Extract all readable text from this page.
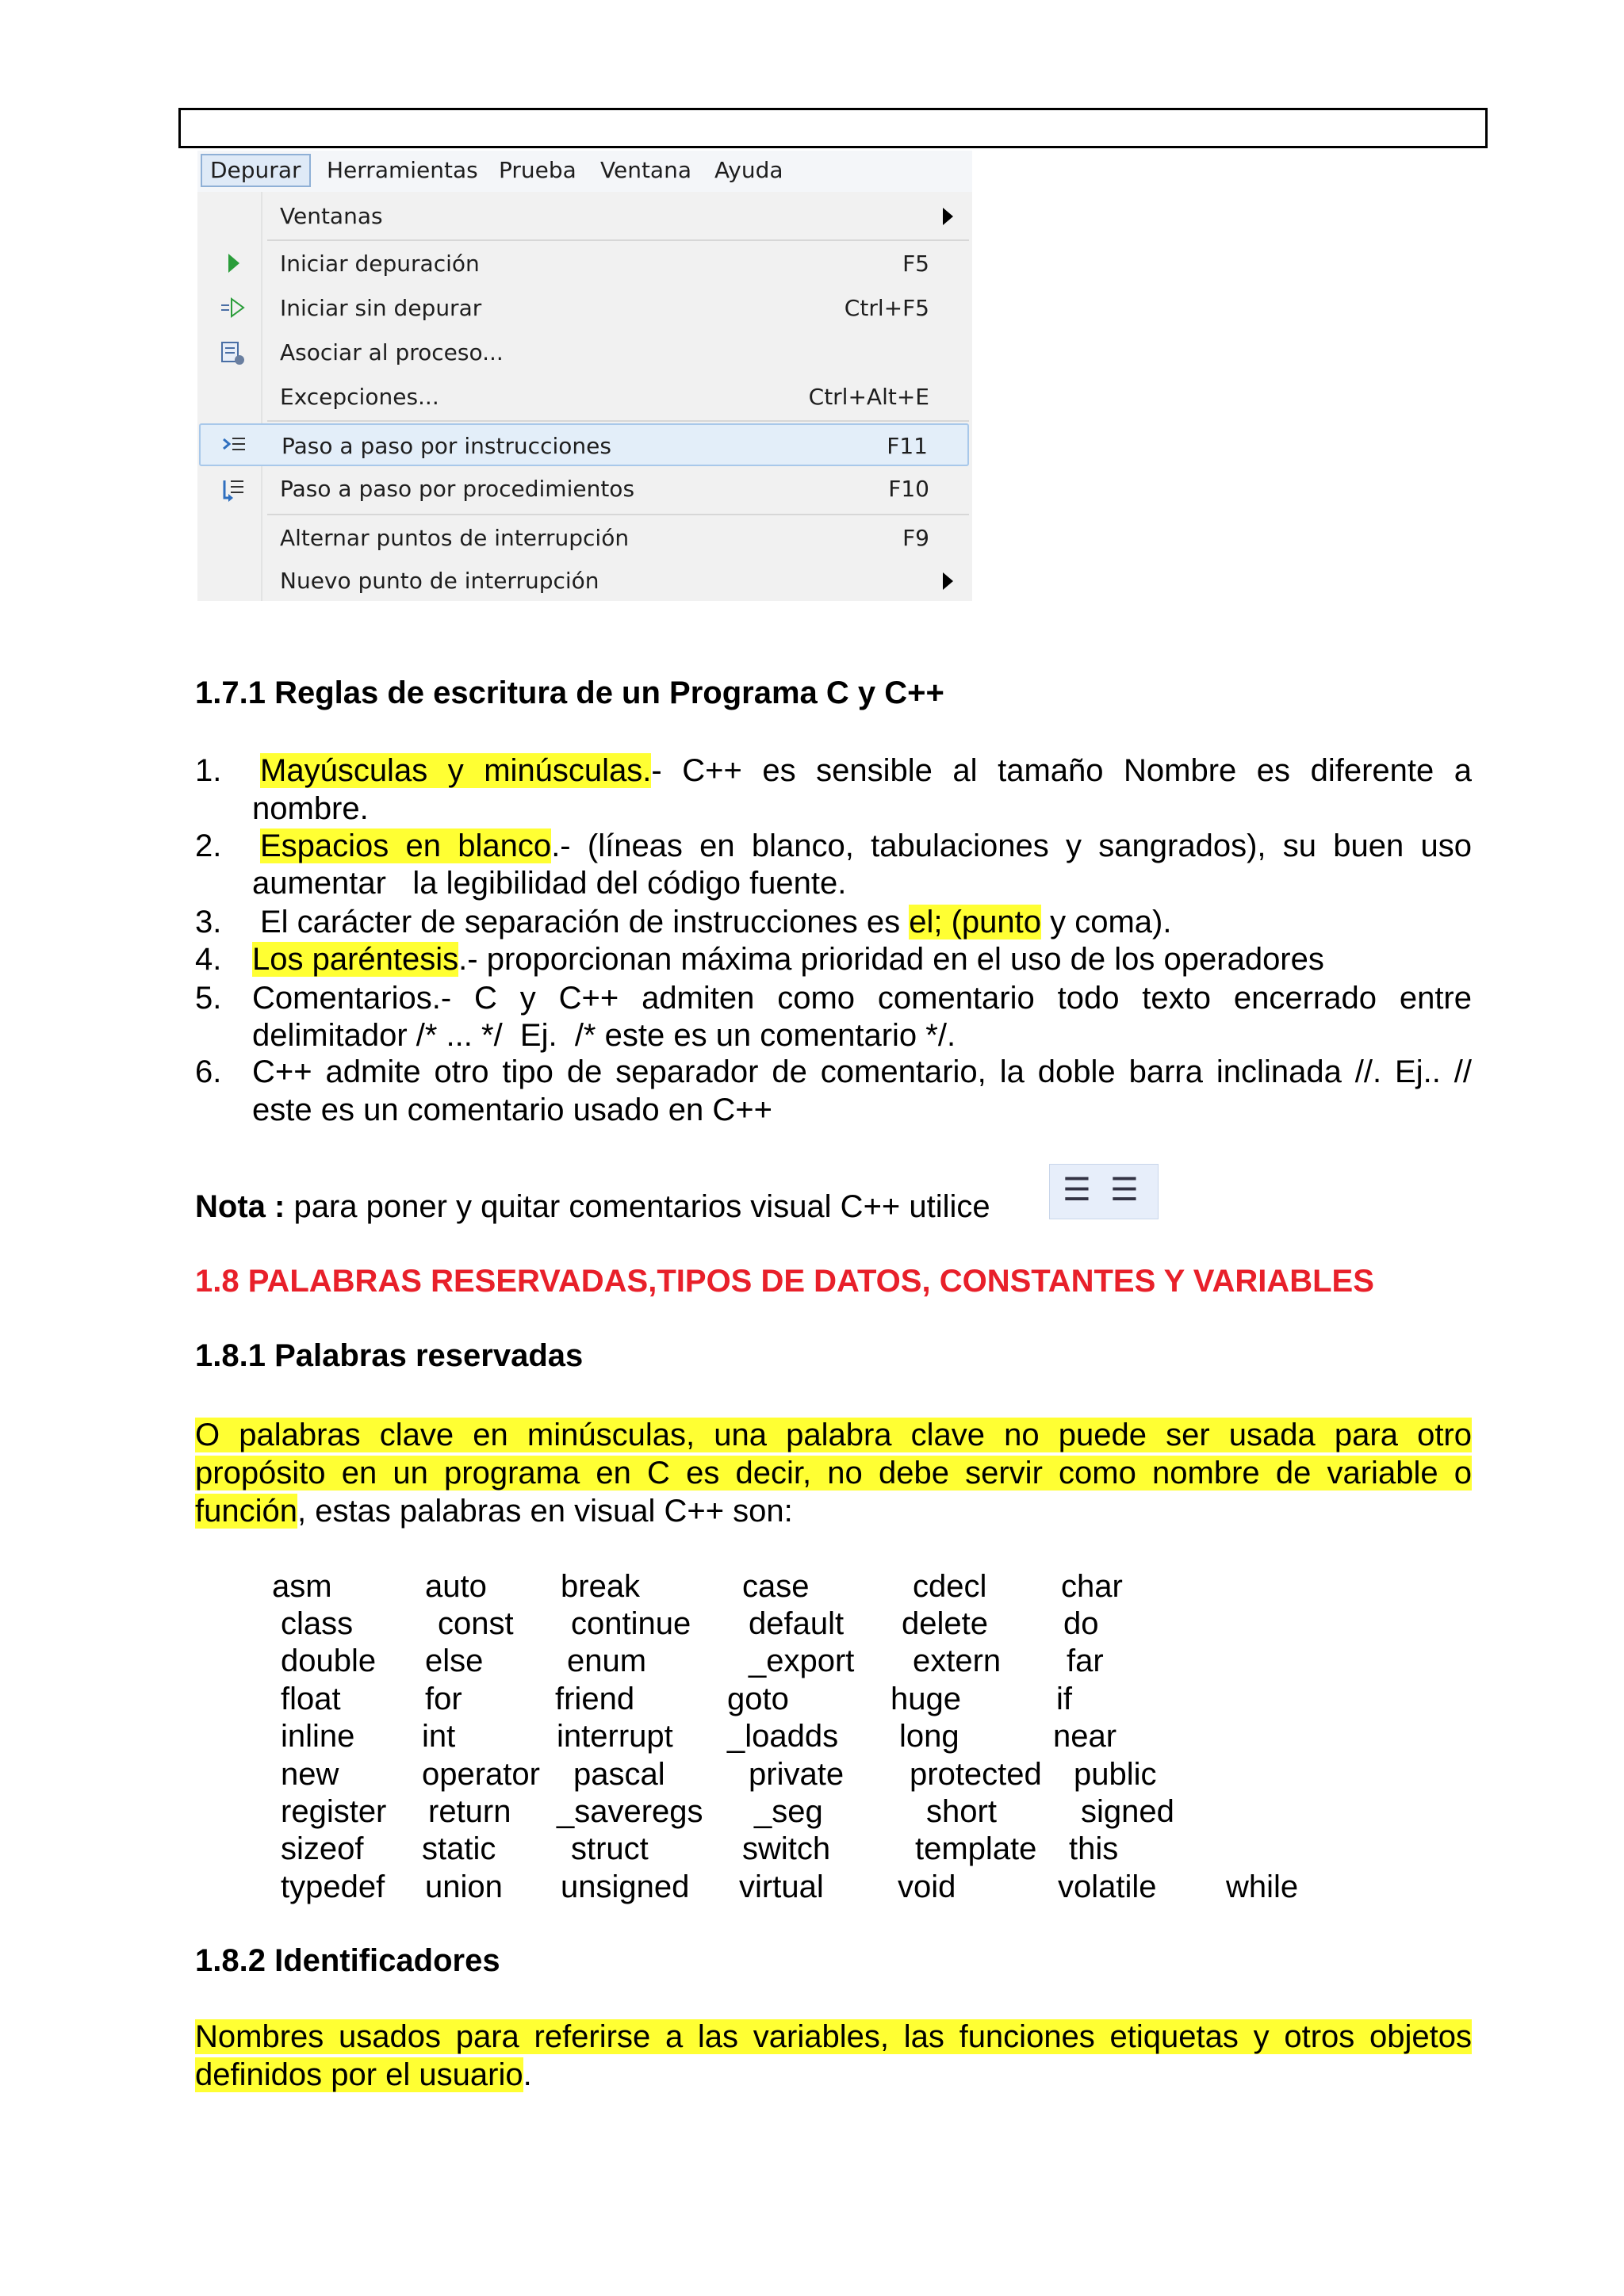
Depurar	Herramientas Prueba Ventana Ayuda
Ventanas
Iniciar depuración	F5
Iniciar sin depurar	Ctrl+F5
Asociar al proceso...
Excepciones...	Ctrl+Alt+E
Paso a paso por instrucciones	F11
Paso a paso por procedimientos	F10
Alternar puntos de interrupción	F9
Nuevo punto de interrupción
1.7.1 Reglas de escritura de un Programa C y C++
1. Mayúsculas y minúsculas.- C++ es sensible al tamaño Nombre es diferente a
nombre.
2. Espacios en blanco.- (líneas en blanco, tabulaciones y sangrados), su buen uso
aumentar   la legibilidad del código fuente.
3. El carácter de separación de instrucciones es el; (punto y coma).
4. Los paréntesis.- proporcionan máxima prioridad en el uso de los operadores
5. Comentarios.- C y C++ admiten como comentario todo texto encerrado entre
delimitador /* ... */  Ej.  /* este es un comentario */.
6. C++ admite otro tipo de separador de comentario, la doble barra inclinada //. Ej.. //
este es un comentario usado en C++
Nota : para poner y quitar comentarios visual C++ utilice ☰ ☰
1.8 PALABRAS RESERVADAS,TIPOS DE DATOS, CONSTANTES Y VARIABLES
1.8.1 Palabras reservadas
O palabras clave en minúsculas, una palabra clave no puede ser usada para otro
propósito en un programa en C es decir, no debe servir como nombre de variable o
función, estas palabras en visual C++ son:
asm	auto break	case	cdecl char
class	const continue default delete do
double else	enum	_export extern far
float	for	friend	goto	huge	if
inline int	interrupt _loadds long	near
new	operator pascal	private protected public
register return _saveregs _seg	short	signed
sizeof static struct	switch	template this
typedef union unsigned virtual void	volatile while
1.8.2 Identificadores
Nombres usados para referirse a las variables, las funciones etiquetas y otros objetos
definidos por el usuario.
